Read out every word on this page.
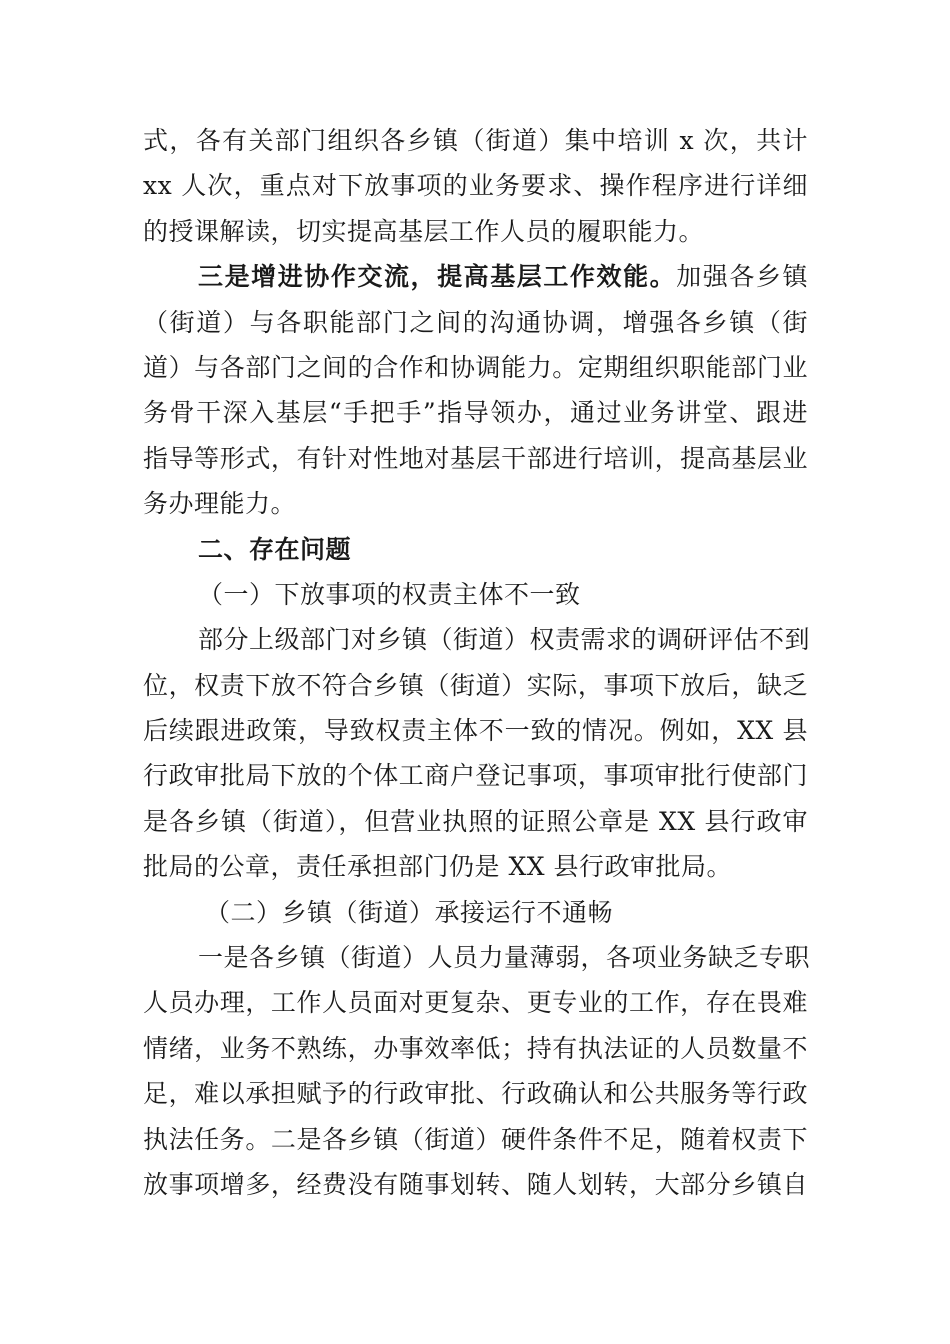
式，各有关部门组织各乡镇（街道）集中培训 x 次，共计
xx 人次，重点对下放事项的业务要求、操作程序进行详细
的授课解读，切实提高基层工作人员的履职能力。
三是增进协作交流，提高基层工作效能。加强各乡镇
（街道）与各职能部门之间的沟通协调，增强各乡镇（街
道）与各部门之间的合作和协调能力。定期组织职能部门业
务骨干深入基层“手把手”指导领办，通过业务讲堂、跟进
指导等形式，有针对性地对基层干部进行培训，提高基层业
务办理能力。
二、存在问题
（一）下放事项的权责主体不一致
部分上级部门对乡镇（街道）权责需求的调研评估不到
位，权责下放不符合乡镇（街道）实际，事项下放后，缺乏
后续跟进政策，导致权责主体不一致的情况。例如，XX 县
行政审批局下放的个体工商户登记事项，事项审批行使部门
是各乡镇（街道），但营业执照的证照公章是 XX 县行政审
批局的公章，责任承担部门仍是 XX 县行政审批局。
（二）乡镇（街道）承接运行不通畅
一是各乡镇（街道）人员力量薄弱，各项业务缺乏专职
人员办理，工作人员面对更复杂、更专业的工作，存在畏难
情绪，业务不熟练，办事效率低；持有执法证的人员数量不
足，难以承担赋予的行政审批、行政确认和公共服务等行政
执法任务。二是各乡镇（街道）硬件条件不足，随着权责下
放事项增多，经费没有随事划转、随人划转，大部分乡镇自
